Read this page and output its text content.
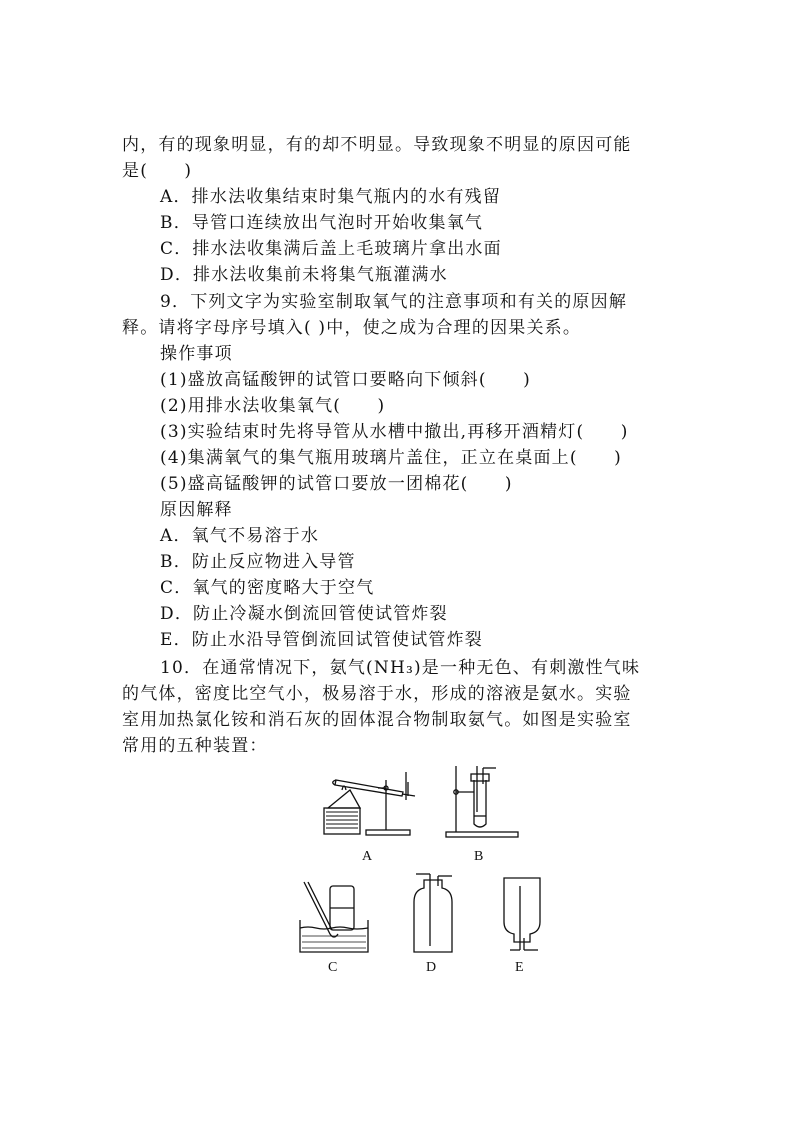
内，有的现象明显，有的却不明显。导致现象不明显的原因可能
是(　　)
A．排水法收集结束时集气瓶内的水有残留
B．导管口连续放出气泡时开始收集氧气
C．排水法收集满后盖上毛玻璃片拿出水面
D．排水法收集前未将集气瓶灌满水
9．下列文字为实验室制取氧气的注意事项和有关的原因解
释。请将字母序号填入( )中，使之成为合理的因果关系。
操作事项
(1)盛放高锰酸钾的试管口要略向下倾斜(　　)
(2)用排水法收集氧气(　　)
(3)实验结束时先将导管从水槽中撤出,再移开酒精灯(　　)
(4)集满氧气的集气瓶用玻璃片盖住，正立在桌面上(　　)
(5)盛高锰酸钾的试管口要放一团棉花(　　)
原因解释
A．氧气不易溶于水
B．防止反应物进入导管
C．氧气的密度略大于空气
D．防止冷凝水倒流回管使试管炸裂
E．防止水沿导管倒流回试管使试管炸裂
10．在通常情况下，氨气(NH₃)是一种无色、有刺激性气味
的气体，密度比空气小，极易溶于水，形成的溶液是氨水。实验
室用加热氯化铵和消石灰的固体混合物制取氨气。如图是实验室
常用的五种装置：
A	B
C	D	E
